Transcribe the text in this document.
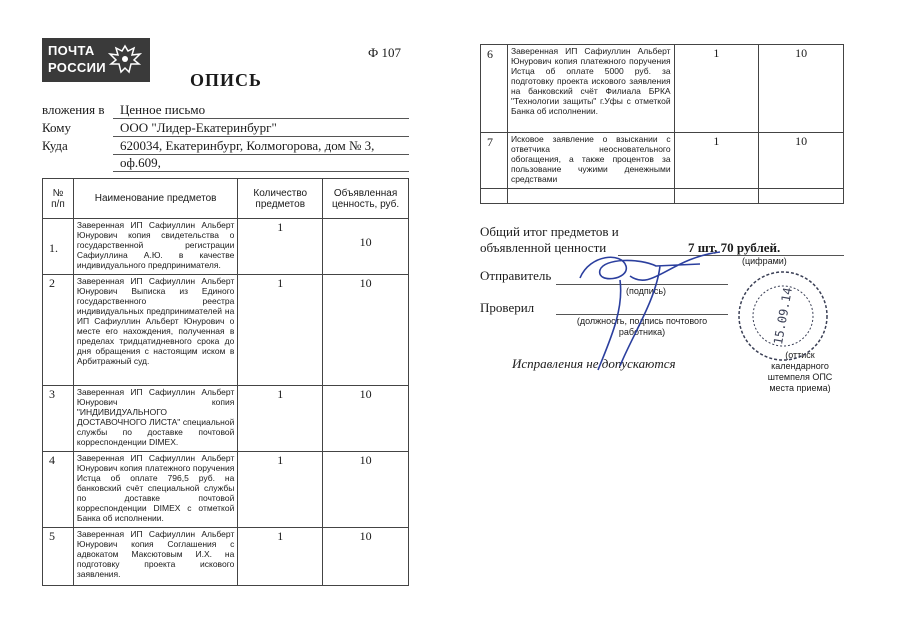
ПОЧТА
РОССИИ
Ф 107
ОПИСЬ
вложения в Ценное письмо
Кому	ООО "Лидер-Екатеринбург"
Куда	620034, Екатеринбург, Колмогорова, дом № 3,
оф.609,
№
п/п	Наименование предметов	Количество предметов	Объявленная ценность, руб.
1.	Заверенная ИП Сафиуллин Альберт Юнурович копия свидетельства о государственной регистрации Сафиуллина А.Ю. в качестве индивидуального предпринимателя.	1	10
2	Заверенная ИП Сафиуллин Альберт Юнурович Выписка из Единого государственного реестра индивидуальных предпринимателей на ИП Сафиуллин Альберт Юнурович о месте его нахождения, полученная в пределах тридцатидневного срока до дня обращения с настоящим иском в Арбитражный суд.	1	10
3	Заверенная ИП Сафиуллин Альберт Юнурович копия "ИНДИВИДУАЛЬНОГО ДОСТАВОЧНОГО ЛИСТА" специальной службы по доставке почтовой корреспонденции DIMEX.	1	10
4	Заверенная ИП Сафиуллин Альберт Юнурович копия платежного поручения Истца об оплате 796,5 руб. на банковский счёт специальной службы по доставке почтовой корреспонденции DIMEX с отметкой Банка об исполнении.	1	10
5	Заверенная ИП Сафиуллин Альберт Юнурович копия Соглашения с адвокатом Максютовым И.Х. на подготовку проекта искового заявления.	1	10
6	Заверенная ИП Сафиуллин Альберт Юнурович копия платежного поручения Истца об оплате 5000 руб. за подготовку проекта искового заявления на банковский счёт Филиала БРКА "Технологии защиты" г.Уфы с отметкой Банка об исполнении.	1	10
7	Исковое заявление о взыскании с ответчика неосновательного обогащения, а также процентов за пользование чужими денежными средствами	1	10

Общий итог предметов и
объявленной ценности	7 шт, 70 рублей.
(цифрами)
Отправитель
(подпись)
Проверил
(должность, подпись почтового работника)
Исправления не допускаются
(оттиск календарного штемпеля ОПС места приема)
15.09.14
